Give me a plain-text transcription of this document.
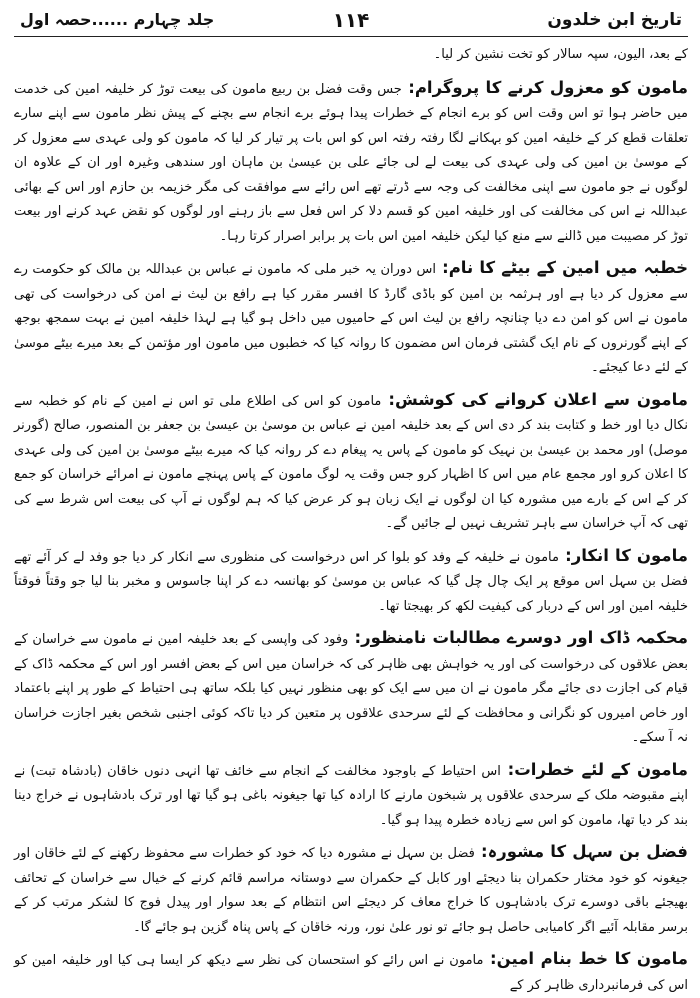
تاریخ ابن خلدون
۱۱۴
جلد چہارم ......حصہ اول

کے بعد، الیون، سپہ سالار کو تخت نشین کر لیا۔

مامون کو معزول کرنے کا پروگرام: جس وقت فضل بن ربیع مامون کی بیعت توڑ کر خلیفہ امین کی خدمت میں حاضر ہوا تو اس وقت اس کو برے انجام کے خطرات پیدا ہوئے برے انجام سے بچنے کے پیش نظر مامون سے اپنے سارے تعلقات قطع کر کے خلیفہ امین کو بہکانے لگا رفتہ رفتہ اس کو اس بات پر تیار کر لیا کہ مامون کو ولی عہدی سے معزول کر کے موسیٰ بن امین کی ولی عہدی کی بیعت لے لی جائے علی بن عیسیٰ بن ماہان اور سندھی وغیرہ اور ان کے علاوہ ان لوگوں نے جو مامون سے اپنی مخالفت کی وجہ سے ڈرتے تھے اس رائے سے موافقت کی مگر خزیمہ بن حازم اور اس کے بھائی عبداللہ نے اس کی مخالفت کی اور خلیفہ امین کو قسم دلا کر اس فعل سے باز رہنے اور لوگوں کو نقض عہد کرنے اور بیعت توڑ کر مصیبت میں ڈالنے سے منع کیا لیکن خلیفہ امین اس بات پر برابر اصرار کرتا رہا۔

خطبہ میں امین کے بیٹے کا نام: اس دوران یہ خبر ملی کہ مامون نے عباس بن عبداللہ بن مالک کو حکومت رے سے معزول کر دیا ہے اور ہرثمہ بن امین کو باڈی گارڈ کا افسر مقرر کیا ہے رافع بن لیث نے امن کی درخواست کی تھی مامون نے اس کو امن دے دیا چنانچہ رافع بن لیث اس کے حامیوں میں داخل ہو گیا ہے لہذا خلیفہ امین نے بہت سمجھ بوجھ کے اپنے گورنروں کے نام ایک گشتی فرمان اس مضمون کا روانہ کیا کہ خطبوں میں مامون اور مؤتمن کے بعد میرے بیٹے موسیٰ کے لئے دعا کیجئے۔

مامون سے اعلان کروانے کی کوشش: مامون کو اس کی اطلاع ملی تو اس نے امین کے نام کو خطبہ سے نکال دیا اور خط و کتابت بند کر دی اس کے بعد خلیفہ امین نے عباس بن موسیٰ بن عیسیٰ بن جعفر بن المنصور، صالح (گورنر موصل) اور محمد بن عیسیٰ بن نہیک کو مامون کے پاس یہ پیغام دے کر روانہ کیا کہ میرے بیٹے موسیٰ بن امین کی ولی عہدی کا اعلان کرو اور مجمع عام میں اس کا اظہار کرو جس وقت یہ لوگ مامون کے پاس پہنچے مامون نے امرائے خراسان کو جمع کر کے اس کے بارے میں مشورہ کیا ان لوگوں نے ایک زبان ہو کر عرض کیا کہ ہم لوگوں نے آپ کی بیعت اس شرط سے کی تھی کہ آپ خراسان سے باہر تشریف نہیں لے جائیں گے۔

مامون کا انکار: مامون نے خلیفہ کے وفد کو بلوا کر اس درخواست کی منظوری سے انکار کر دیا جو وفد لے کر آئے تھے فضل بن سہل اس موقع پر ایک چال چل گیا کہ عباس بن موسیٰ کو بھانسہ دے کر اپنا جاسوس و مخبر بنا لیا جو وقتاً فوقتاً خلیفہ امین اور اس کے دربار کی کیفیت لکھ کر بھیجتا تھا۔

محکمہ ڈاک اور دوسرے مطالبات نامنظور: وفود کی واپسی کے بعد خلیفہ امین نے مامون سے خراسان کے بعض علاقوں کی درخواست کی اور یہ خواہش بھی ظاہر کی کہ خراسان میں اس کے بعض افسر اور اس کے محکمہ ڈاک کے قیام کی اجازت دی جائے مگر مامون نے ان میں سے ایک کو بھی منظور نہیں کیا بلکہ ساتھ ہی احتیاط کے طور پر اپنے باعتماد اور خاص امیروں کو نگرانی و محافظت کے لئے سرحدی علاقوں پر متعین کر دیا تاکہ کوئی اجنبی شخص بغیر اجازت خراسان نہ آ سکے۔

مامون کے لئے خطرات: اس احتیاط کے باوجود مخالفت کے انجام سے خائف تھا انہی دنوں خاقان (بادشاہ تبت) نے اپنے مقبوضہ ملک کے سرحدی علاقوں پر شبخون مارنے کا ارادہ کیا تھا جیغونہ باغی ہو گیا تھا اور ترک بادشاہوں نے خراج دینا بند کر دیا تھا، مامون کو اس سے زیادہ خطرہ پیدا ہو گیا۔

فضل بن سہل کا مشورہ: فضل بن سہل نے مشورہ دیا کہ خود کو خطرات سے محفوظ رکھنے کے لئے خاقان اور جیغونہ کو خود مختار حکمران بنا دیجئے اور کابل کے حکمران سے دوستانہ مراسم قائم کرنے کے خیال سے خراسان کے تحائف بھیجئے باقی دوسرے ترک بادشاہوں کا خراج معاف کر دیجئے اس انتظام کے بعد سوار اور پیدل فوج کا لشکر مرتب کر کے برسر مقابلہ آئیے اگر کامیابی حاصل ہو جائے تو نور علیٰ نور، ورنہ خاقان کے پاس پناہ گزین ہو جائے گا۔

مامون کا خط بنام امین: مامون نے اس رائے کو استحسان کی نظر سے دیکھ کر ایسا ہی کیا اور خلیفہ امین کو اس کی فرمانبرداری ظاہر کر کے
